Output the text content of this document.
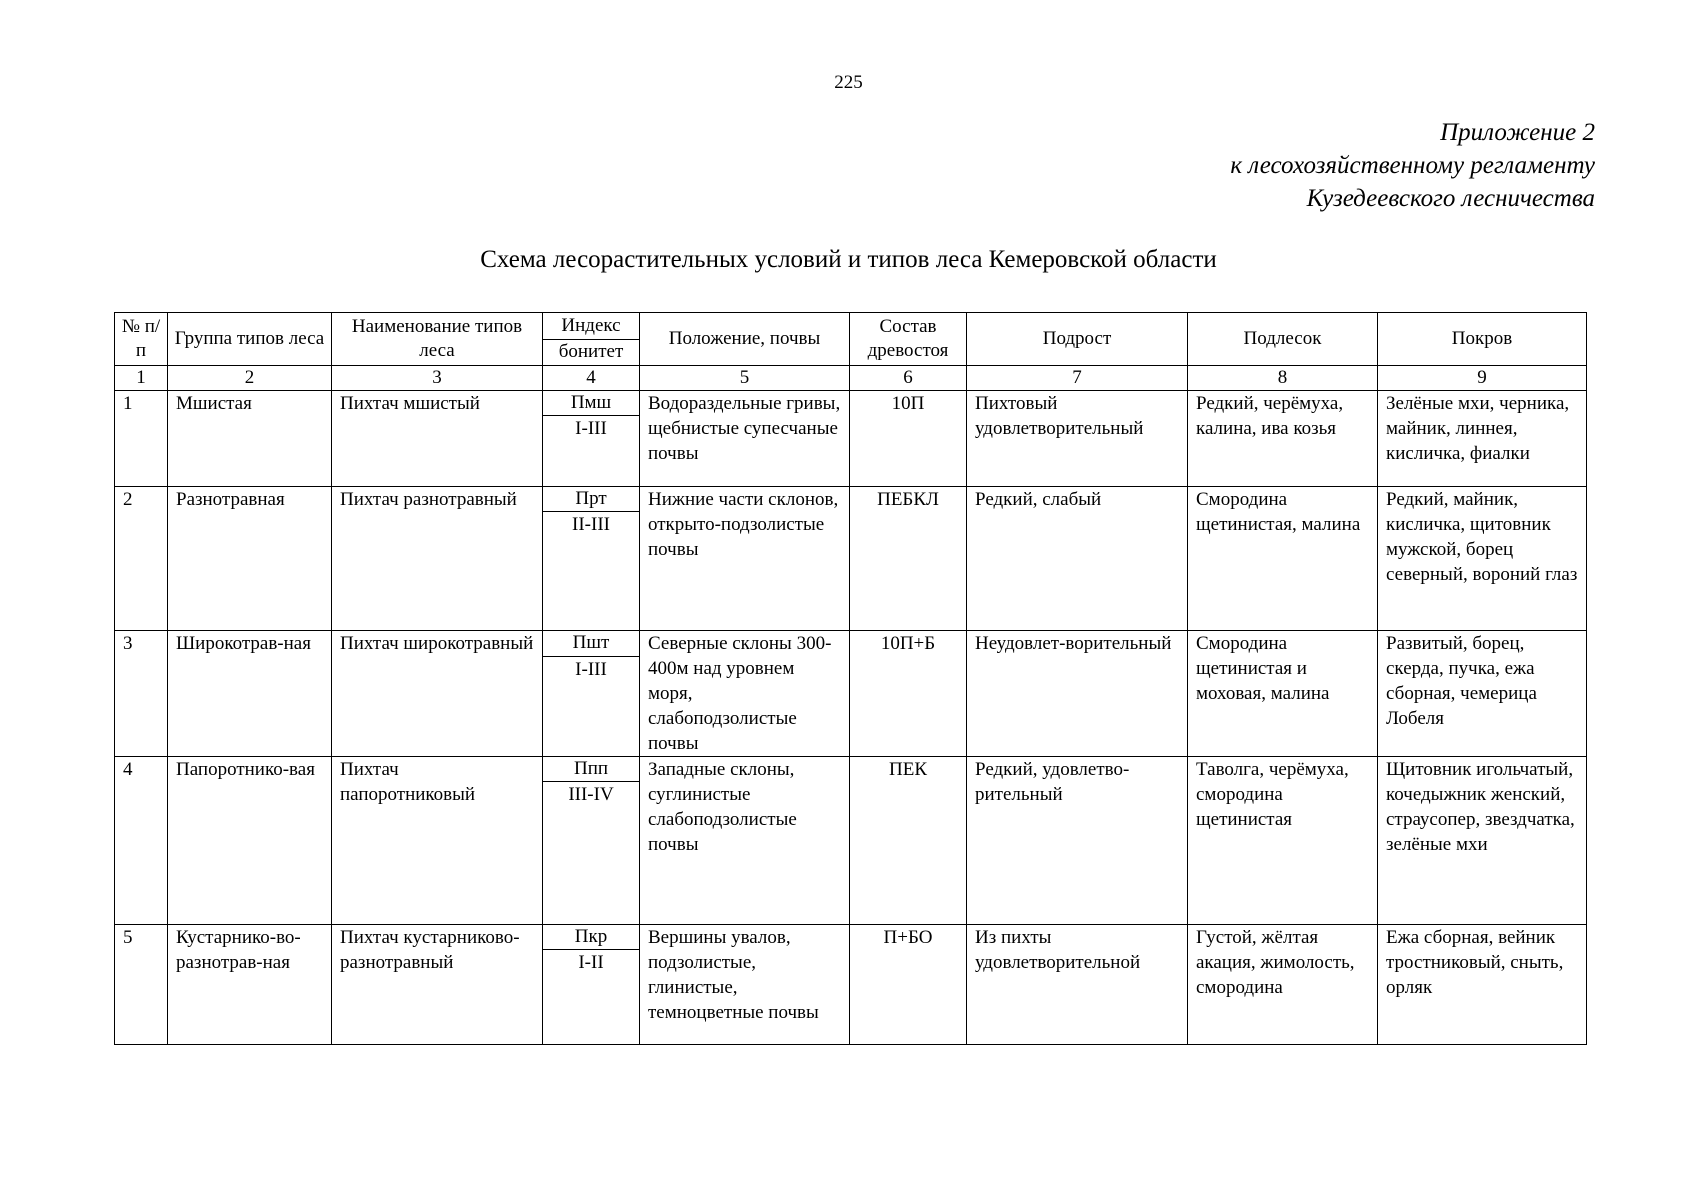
225
Приложение 2
к лесохозяйственному регламенту
Кузедеевского лесничества
Схема лесорастительных условий и типов леса Кемеровской области
№ п/п	Группа типов леса	Наименование типов леса	Индекс	Положение, почвы	Состав древостоя	Подрост	Подлесок	Покров
			бонитет					
1	2	3	4	5	6	7	8	9
1	Мшистая	Пихтач мшистый	Пмш	Водораздельные гривы, щебнистые супесчаные почвы	10П	Пихтовый удовлетворительный	Редкий, черёмуха, калина, ива козья	Зелёные мхи, черника, майник, линнея, кисличка, фиалки
			I-III					
2	Разнотравная	Пихтач разнотравный	Прт	Нижние части склонов, открыто-подзолистые почвы	ПЕБКЛ	Редкий, слабый	Смородина щетинистая, малина	Редкий, майник, кисличка, щитовник мужской, борец северный, вороний глаз
			II-III					
3	Широкотрав-ная	Пихтач широкотравный	Пшт	Северные склоны 300-400м над уровнем моря, слабоподзолистые почвы	10П+Б	Неудовлет-ворительный	Смородина щетинистая и моховая, малина	Развитый, борец, скерда, пучка, ежа сборная, чемерица Лобеля
			I-III					
4	Папоротнико-вая	Пихтач папоротниковый	Ппп	Западные склоны, суглинистые слабоподзолистые почвы	ПЕК	Редкий, удовлетво-рительный	Таволга, черёмуха, смородина щетинистая	Щитовник игольчатый, кочедыжник женский, страусопер, звездчатка, зелёные мхи
			III-IV					
5	Кустарнико-во-разнотрав-ная	Пихтач кустарниково-разнотравный	Пкр	Вершины увалов, подзолистые, глинистые, темноцветные почвы	П+БО	Из пихты удовлетворительной	Густой, жёлтая акация, жимолость, смородина	Ежа сборная, вейник тростниковый, сныть, орляк
			I-II					
